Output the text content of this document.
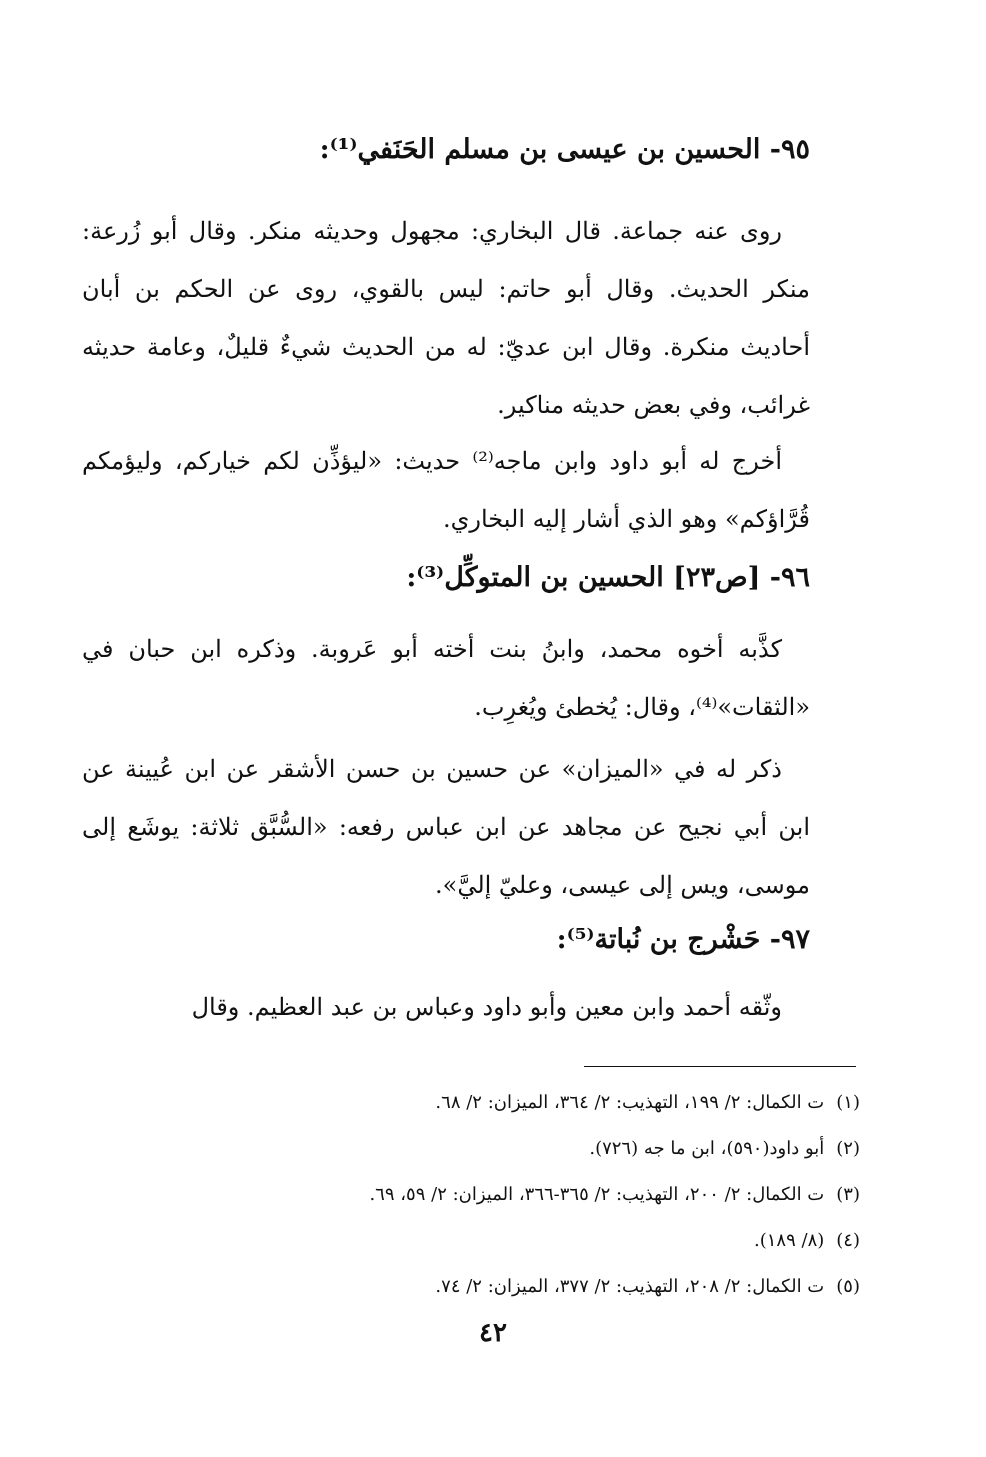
٩٥- الحسين بن عيسى بن مسلم الحَنَفي⁽¹⁾:

روى عنه جماعة. قال البخاري: مجهول وحديثه منكر. وقال أبو زُرعة: منكر الحديث. وقال أبو حاتم: ليس بالقوي، روى عن الحكم بن أبان أحاديث منكرة. وقال ابن عديّ: له من الحديث شيءٌ قليلٌ، وعامة حديثه غرائب، وفي بعض حديثه مناكير.

أخرج له أبو داود وابن ماجه⁽²⁾ حديث: «ليؤذِّن لكم خياركم، وليؤمكم قُرَّاؤكم» وهو الذي أشار إليه البخاري.

٩٦- [ص٢٣] الحسين بن المتوكِّل⁽³⁾:

كذَّبه أخوه محمد، وابنُ بنت أخته أبو عَروبة. وذكره ابن حبان في «الثقات»⁽⁴⁾، وقال: يُخطئ ويُغرِب.

ذكر له في «الميزان» عن حسين بن حسن الأشقر عن ابن عُيينة عن ابن أبي نجيح عن مجاهد عن ابن عباس رفعه: «السُّبَّق ثلاثة: يوشَع إلى موسى، ويس إلى عيسى، وعليّ إليَّ».

٩٧- حَشْرج بن نُباتة⁽⁵⁾:

وثّقه أحمد وابن معين وأبو داود وعباس بن عبد العظيم. وقال

(١)ت الكمال: ٢/ ١٩٩، التهذيب: ٢/ ٣٦٤، الميزان: ٢/ ٦٨.
(٢)أبو داود(٥٩٠)، ابن ما جه (٧٢٦).
(٣)ت الكمال: ٢/ ٢٠٠، التهذيب: ٢/ ٣٦٥-٣٦٦، الميزان: ٢/ ٥٩، ٦٩.
(٤)(٨/ ١٨٩).
(٥)ت الكمال: ٢/ ٢٠٨، التهذيب: ٢/ ٣٧٧، الميزان: ٢/ ٧٤.
٤٢
